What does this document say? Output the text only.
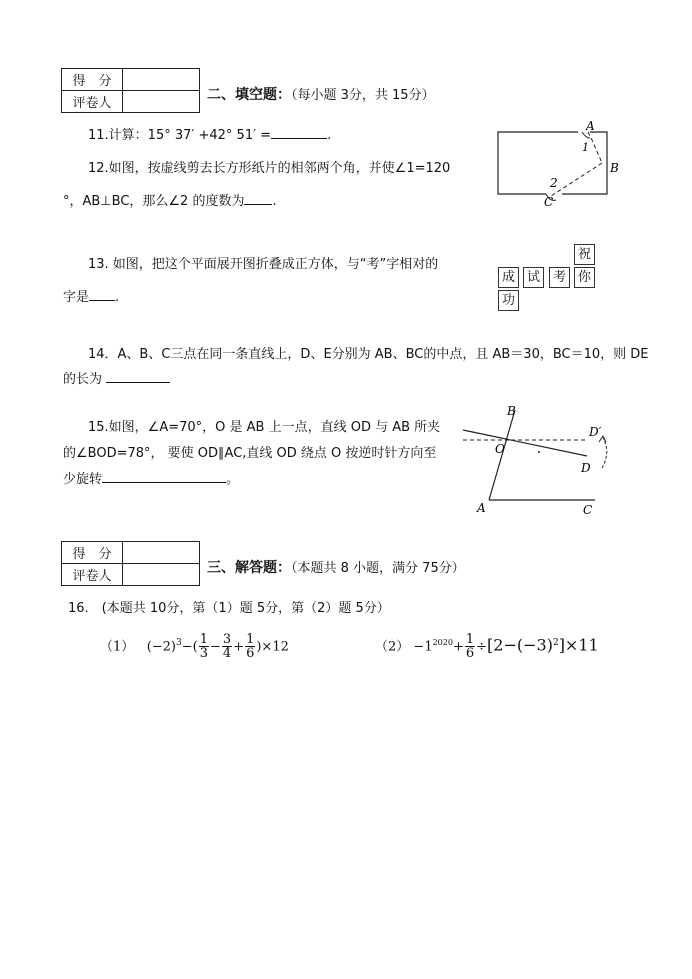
得　分	
评卷人	
二、填空题：（每小题 3分，共 15分）
11.计算：15° 37′ +42° 51′ =	.
12.如图，按虚线剪去长方形纸片的相邻两个角，并使∠1=120
°，AB⊥BC，那么∠2 的度数为 .
A
B
C
1
2
13. 如图，把这个平面展开图折叠成正方体，与“考”字相对的
字是 .
祝
成 试 考 你
功
14．A、B、C三点在同一条直线上，D、E分别为 AB、BC的中点，且 AB＝30，BC＝10，则 DE
的长为
15.如图，∠A=70°，O 是 AB 上一点，直线 OD 与 AB 所夹
的∠BOD=78°， 要使 OD∥AC,直线 OD 绕点 O 按逆时针方向至
少旋转	。
B
O
D′
D
A	C
得　分	
评卷人	
三、解答题：（本题共 8 小题，满分 75分）
16.　(本题共 10分，第（1）题 5分，第（2）题 5分）
（1） $(-2)^3-( \frac{1}{3} - \frac{3}{4} + \frac{1}{6} )\times 12$	$(2) -1^{2020}+ \frac{1}{6} \div[2-(-3)^2]\times 11$
